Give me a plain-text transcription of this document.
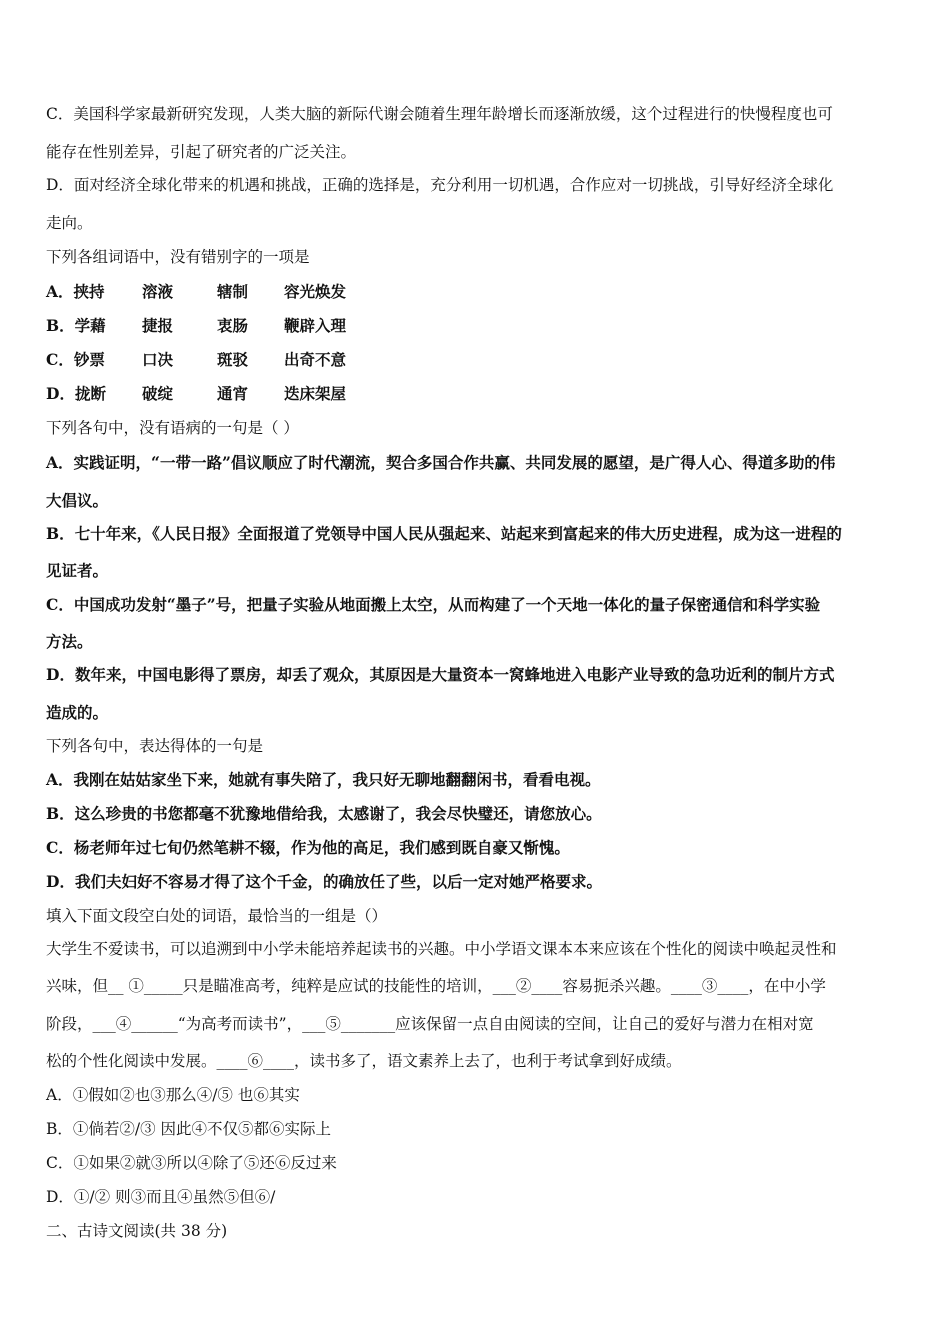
C．美国科学家最新研究发现，人类大脑的新际代谢会随着生理年龄增长而逐渐放缓，这个过程进行的快慢程度也可
能存在性别差异，引起了研究者的广泛关注。
D．面对经济全球化带来的机遇和挑战，正确的选择是，充分利用一切机遇，合作应对一切挑战，引导好经济全球化
走向。
下列各组词语中，没有错别字的一项是
A．挟持 溶液	辖制 容光焕发
B．学藉 捷报	衷肠 鞭辟入理
C．钞票 口决	斑驳 出奇不意
D．拢断 破绽	通宵 迭床架屋
下列各句中，没有语病的一句是（ ）
A．实践证明，“一带一路”倡议顺应了时代潮流，契合多国合作共赢、共同发展的愿望，是广得人心、得道多助的伟
大倡议。
B．七十年来，《人民日报》全面报道了党领导中国人民从强起来、站起来到富起来的伟大历史进程，成为这一进程的
见证者。
C．中国成功发射“墨子”号，把量子实验从地面搬上太空，从而构建了一个天地一体化的量子保密通信和科学实验
方法。
D．数年来，中国电影得了票房，却丢了观众，其原因是大量资本一窝蜂地进入电影产业导致的急功近利的制片方式
造成的。
下列各句中，表达得体的一句是
A．我刚在姑姑家坐下来，她就有事失陪了，我只好无聊地翻翻闲书，看看电视。
B．这么珍贵的书您都毫不犹豫地借给我，太感谢了，我会尽快璧还，请您放心。
C．杨老师年过七旬仍然笔耕不辍，作为他的高足，我们感到既自豪又惭愧。
D．我们夫妇好不容易才得了这个千金，的确放任了些，以后一定对她严格要求。
填入下面文段空白处的词语，最恰当的一组是（）
大学生不爱读书，可以追溯到中小学未能培养起读书的兴趣。中小学语文课本本来应该在个性化的阅读中唤起灵性和
兴味，但__ ①_____只是瞄准高考，纯粹是应试的技能性的培训，___②____容易扼杀兴趣。____③____，在中小学
阶段，___④______“为高考而读书”，___⑤_______应该保留一点自由阅读的空间，让自己的爱好与潜力在相对宽
松的个性化阅读中发展。____⑥____，读书多了，语文素养上去了，也利于考试拿到好成绩。
A．①假如②也③那么④/⑤ 也⑥其实
B．①倘若②/③ 因此④不仅⑤都⑥实际上
C．①如果②就③所以④除了⑤还⑥反过来
D．①/② 则③而且④虽然⑤但⑥/
二、古诗文阅读(共 38 分)
